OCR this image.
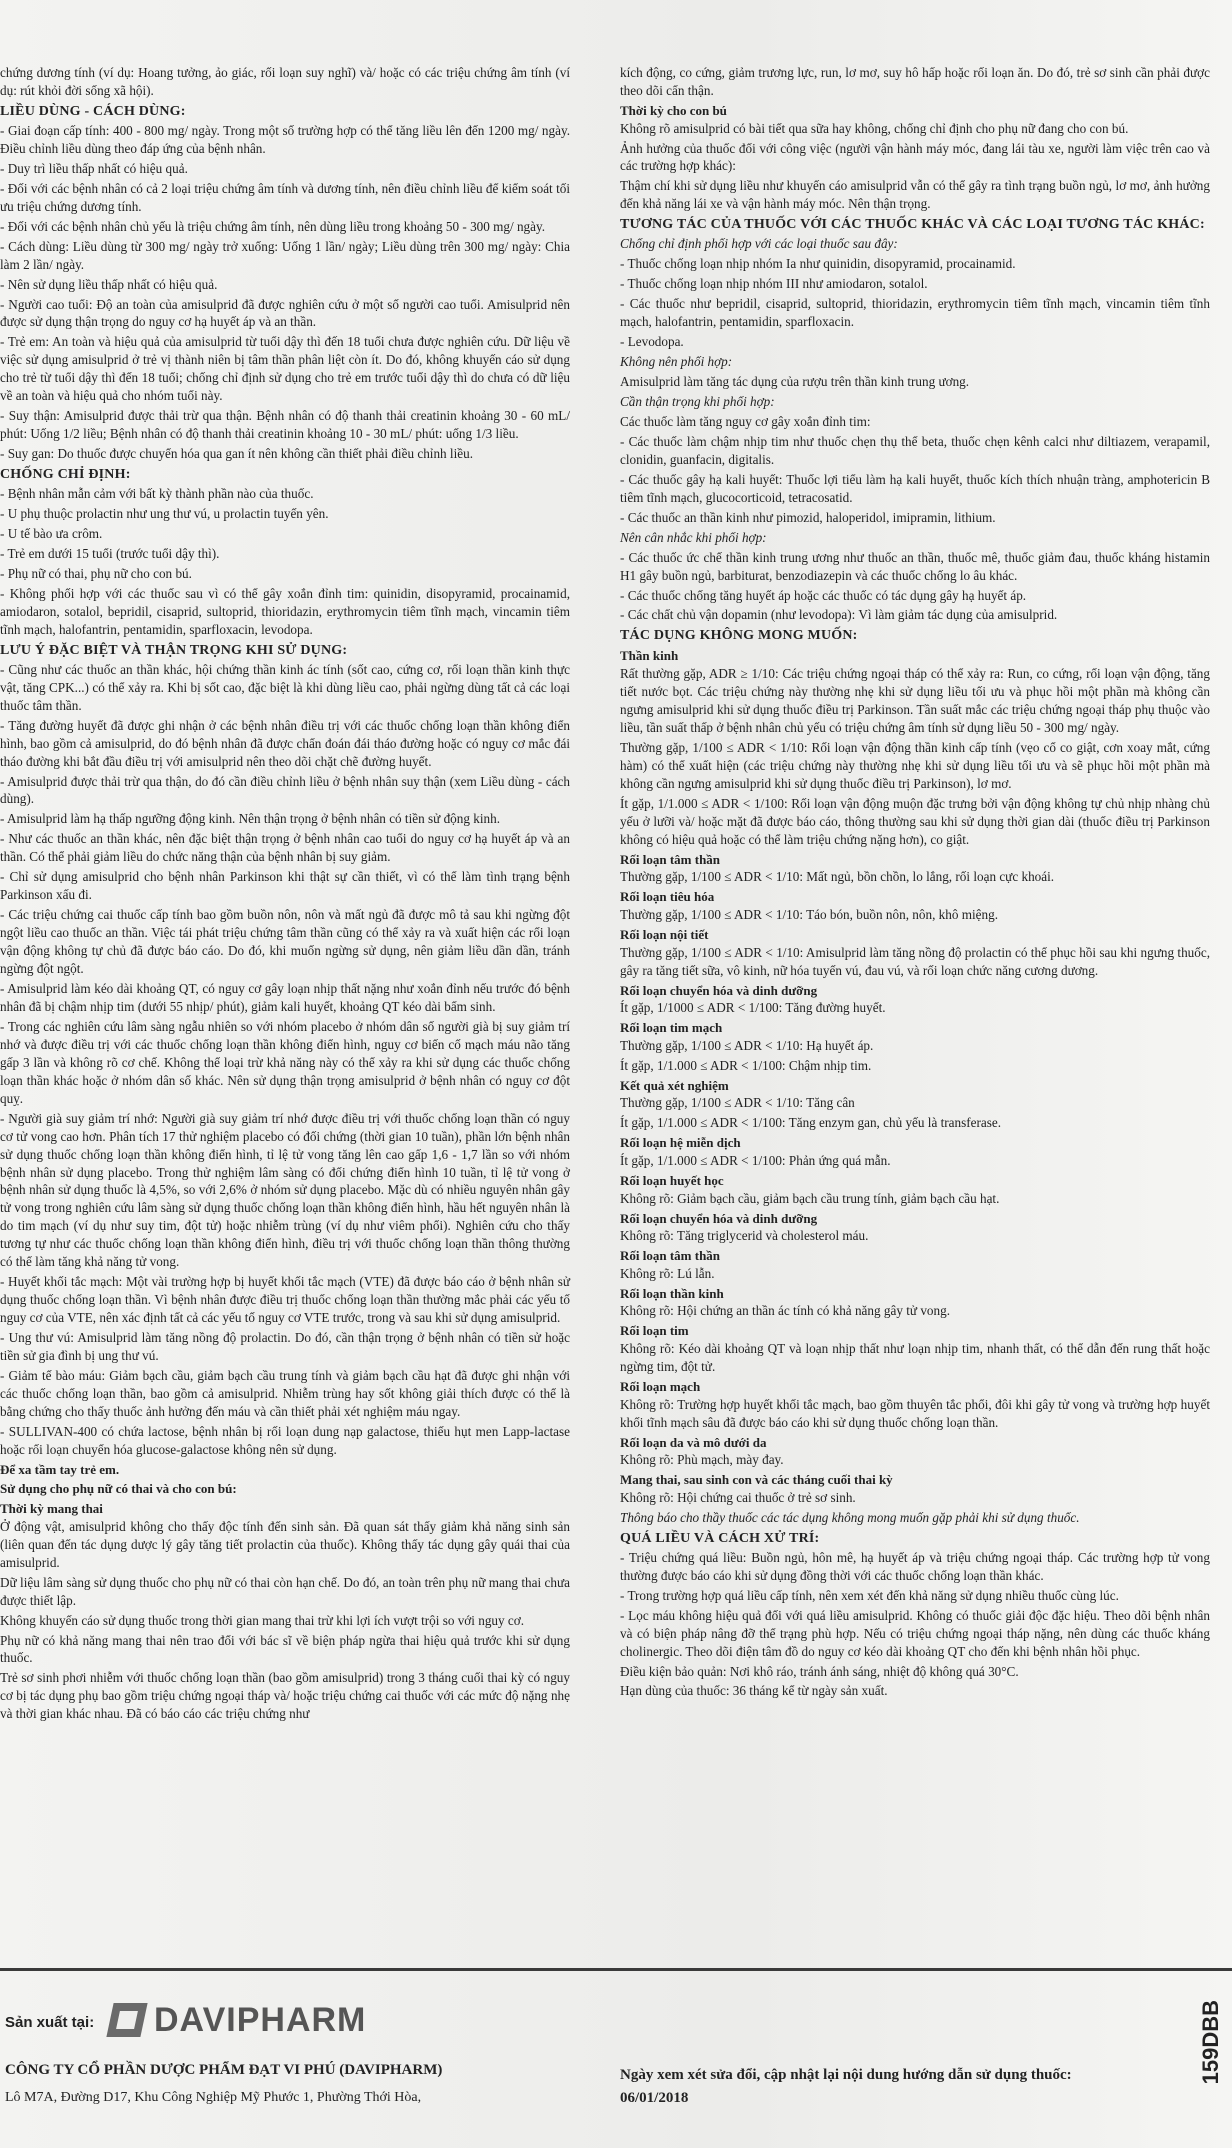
chứng dương tính (ví dụ: Hoang tưởng, ảo giác, rối loạn suy nghĩ) và/ hoặc có các triệu chứng âm tính (ví dụ: rút khỏi đời sống xã hội).

LIỀU DÙNG - CÁCH DÙNG:

- Giai đoạn cấp tính: 400 - 800 mg/ ngày. Trong một số trường hợp có thể tăng liều lên đến 1200 mg/ ngày. Điều chỉnh liều dùng theo đáp ứng của bệnh nhân.

- Duy trì liều thấp nhất có hiệu quả.

- Đối với các bệnh nhân có cả 2 loại triệu chứng âm tính và dương tính, nên điều chỉnh liều để kiểm soát tối ưu triệu chứng dương tính.

- Đối với các bệnh nhân chủ yếu là triệu chứng âm tính, nên dùng liều trong khoảng 50 - 300 mg/ ngày.

- Cách dùng: Liều dùng từ 300 mg/ ngày trở xuống: Uống 1 lần/ ngày; Liều dùng trên 300 mg/ ngày: Chia làm 2 lần/ ngày.

- Nên sử dụng liều thấp nhất có hiệu quả.

- Người cao tuổi: Độ an toàn của amisulprid đã được nghiên cứu ở một số người cao tuổi. Amisulprid nên được sử dụng thận trọng do nguy cơ hạ huyết áp và an thần.

- Trẻ em: An toàn và hiệu quả của amisulprid từ tuổi dậy thì đến 18 tuổi chưa được nghiên cứu. Dữ liệu về việc sử dụng amisulprid ở trẻ vị thành niên bị tâm thần phân liệt còn ít. Do đó, không khuyến cáo sử dụng cho trẻ từ tuổi dậy thì đến 18 tuổi; chống chỉ định sử dụng cho trẻ em trước tuổi dậy thì do chưa có dữ liệu về an toàn và hiệu quả cho nhóm tuổi này.

- Suy thận: Amisulprid được thải trừ qua thận. Bệnh nhân có độ thanh thải creatinin khoảng 30 - 60 mL/ phút: Uống 1/2 liều; Bệnh nhân có độ thanh thải creatinin khoảng 10 - 30 mL/ phút: uống 1/3 liều.

- Suy gan: Do thuốc được chuyển hóa qua gan ít nên không cần thiết phải điều chỉnh liều.

CHỐNG CHỈ ĐỊNH:

- Bệnh nhân mẫn cảm với bất kỳ thành phần nào của thuốc.

- U phụ thuộc prolactin như ung thư vú, u prolactin tuyến yên.

- U tế bào ưa crôm.

- Trẻ em dưới 15 tuổi (trước tuổi dậy thì).

- Phụ nữ có thai, phụ nữ cho con bú.

- Không phối hợp với các thuốc sau vì có thể gây xoắn đỉnh tim: quinidin, disopyramid, procainamid, amiodaron, sotalol, bepridil, cisaprid, sultoprid, thioridazin, erythromycin tiêm tĩnh mạch, vincamin tiêm tĩnh mạch, halofantrin, pentamidin, sparfloxacin, levodopa.

LƯU Ý ĐẶC BIỆT VÀ THẬN TRỌNG KHI SỬ DỤNG:

- Cũng như các thuốc an thần khác, hội chứng thần kinh ác tính (sốt cao, cứng cơ, rối loạn thần kinh thực vật, tăng CPK...) có thể xảy ra. Khi bị sốt cao, đặc biệt là khi dùng liều cao, phải ngừng dùng tất cả các loại thuốc tâm thần.

- Tăng đường huyết đã được ghi nhận ở các bệnh nhân điều trị với các thuốc chống loạn thần không điển hình, bao gồm cả amisulprid, do đó bệnh nhân đã được chẩn đoán đái tháo đường hoặc có nguy cơ mắc đái tháo đường khi bắt đầu điều trị với amisulprid nên theo dõi chặt chẽ đường huyết.

- Amisulprid được thải trừ qua thận, do đó cần điều chỉnh liều ở bệnh nhân suy thận (xem Liều dùng - cách dùng).

- Amisulprid làm hạ thấp ngưỡng động kinh. Nên thận trọng ở bệnh nhân có tiền sử động kinh.

- Như các thuốc an thần khác, nên đặc biệt thận trọng ở bệnh nhân cao tuổi do nguy cơ hạ huyết áp và an thần. Có thể phải giảm liều do chức năng thận của bệnh nhân bị suy giảm.

- Chỉ sử dụng amisulprid cho bệnh nhân Parkinson khi thật sự cần thiết, vì có thể làm tình trạng bệnh Parkinson xấu đi.

- Các triệu chứng cai thuốc cấp tính bao gồm buồn nôn, nôn và mất ngủ đã được mô tả sau khi ngừng đột ngột liều cao thuốc an thần. Việc tái phát triệu chứng tâm thần cũng có thể xảy ra và xuất hiện các rối loạn vận động không tự chủ đã được báo cáo. Do đó, khi muốn ngừng sử dụng, nên giảm liều dần dần, tránh ngừng đột ngột.

- Amisulprid làm kéo dài khoảng QT, có nguy cơ gây loạn nhịp thất nặng như xoắn đỉnh nếu trước đó bệnh nhân đã bị chậm nhịp tim (dưới 55 nhịp/ phút), giảm kali huyết, khoảng QT kéo dài bẩm sinh.

- Trong các nghiên cứu lâm sàng ngẫu nhiên so với nhóm placebo ở nhóm dân số người già bị suy giảm trí nhớ và được điều trị với các thuốc chống loạn thần không điển hình, nguy cơ biến cố mạch máu não tăng gấp 3 lần và không rõ cơ chế. Không thể loại trừ khả năng này có thể xảy ra khi sử dụng các thuốc chống loạn thần khác hoặc ở nhóm dân số khác. Nên sử dụng thận trọng amisulprid ở bệnh nhân có nguy cơ đột quỵ.

- Người già suy giảm trí nhớ: Người già suy giảm trí nhớ được điều trị với thuốc chống loạn thần có nguy cơ tử vong cao hơn. Phân tích 17 thử nghiệm placebo có đối chứng (thời gian 10 tuần), phần lớn bệnh nhân sử dụng thuốc chống loạn thần không điển hình, tỉ lệ tử vong tăng lên cao gấp 1,6 - 1,7 lần so với nhóm bệnh nhân sử dụng placebo. Trong thử nghiệm lâm sàng có đối chứng điển hình 10 tuần, tỉ lệ tử vong ở bệnh nhân sử dụng thuốc là 4,5%, so với 2,6% ở nhóm sử dụng placebo. Mặc dù có nhiều nguyên nhân gây tử vong trong nghiên cứu lâm sàng sử dụng thuốc chống loạn thần không điển hình, hầu hết nguyên nhân là do tim mạch (ví dụ như suy tim, đột tử) hoặc nhiễm trùng (ví dụ như viêm phổi). Nghiên cứu cho thấy tương tự như các thuốc chống loạn thần không điển hình, điều trị với thuốc chống loạn thần thông thường có thể làm tăng khả năng tử vong.

- Huyết khối tắc mạch: Một vài trường hợp bị huyết khối tắc mạch (VTE) đã được báo cáo ở bệnh nhân sử dụng thuốc chống loạn thần. Vì bệnh nhân được điều trị thuốc chống loạn thần thường mắc phải các yếu tố nguy cơ của VTE, nên xác định tất cả các yếu tố nguy cơ VTE trước, trong và sau khi sử dụng amisulprid.

- Ung thư vú: Amisulprid làm tăng nồng độ prolactin. Do đó, cần thận trọng ở bệnh nhân có tiền sử hoặc tiền sử gia đình bị ung thư vú.

- Giảm tế bào máu: Giảm bạch cầu, giảm bạch cầu trung tính và giảm bạch cầu hạt đã được ghi nhận với các thuốc chống loạn thần, bao gồm cả amisulprid. Nhiễm trùng hay sốt không giải thích được có thể là bằng chứng cho thấy thuốc ảnh hưởng đến máu và cần thiết phải xét nghiệm máu ngay.

- SULLIVAN-400 có chứa lactose, bệnh nhân bị rối loạn dung nạp galactose, thiếu hụt men Lapp-lactase hoặc rối loạn chuyển hóa glucose-galactose không nên sử dụng.

Để xa tầm tay trẻ em.
Sử dụng cho phụ nữ có thai và cho con bú:
Thời kỳ mang thai

Ở động vật, amisulprid không cho thấy độc tính đến sinh sản. Đã quan sát thấy giảm khả năng sinh sản (liên quan đến tác dụng dược lý gây tăng tiết prolactin của thuốc). Không thấy tác dụng gây quái thai của amisulprid.

Dữ liệu lâm sàng sử dụng thuốc cho phụ nữ có thai còn hạn chế. Do đó, an toàn trên phụ nữ mang thai chưa được thiết lập.

Không khuyến cáo sử dụng thuốc trong thời gian mang thai trừ khi lợi ích vượt trội so với nguy cơ.

Phụ nữ có khả năng mang thai nên trao đổi với bác sĩ về biện pháp ngừa thai hiệu quả trước khi sử dụng thuốc.

Trẻ sơ sinh phơi nhiễm với thuốc chống loạn thần (bao gồm amisulprid) trong 3 tháng cuối thai kỳ có nguy cơ bị tác dụng phụ bao gồm triệu chứng ngoại tháp và/ hoặc triệu chứng cai thuốc với các mức độ nặng nhẹ và thời gian khác nhau. Đã có báo cáo các triệu chứng như

kích động, co cứng, giảm trương lực, run, lơ mơ, suy hô hấp hoặc rối loạn ăn. Do đó, trẻ sơ sinh cần phải được theo dõi cẩn thận.

Thời kỳ cho con bú

Không rõ amisulprid có bài tiết qua sữa hay không, chống chỉ định cho phụ nữ đang cho con bú.

Ảnh hưởng của thuốc đối với công việc (người vận hành máy móc, đang lái tàu xe, người làm việc trên cao và các trường hợp khác):

Thậm chí khi sử dụng liều như khuyến cáo amisulprid vẫn có thể gây ra tình trạng buồn ngủ, lơ mơ, ảnh hưởng đến khả năng lái xe và vận hành máy móc. Nên thận trọng.

TƯƠNG TÁC CỦA THUỐC VỚI CÁC THUỐC KHÁC VÀ CÁC LOẠI TƯƠNG TÁC KHÁC:

Chống chỉ định phối hợp với các loại thuốc sau đây:

- Thuốc chống loạn nhịp nhóm Ia như quinidin, disopyramid, procainamid.

- Thuốc chống loạn nhịp nhóm III như amiodaron, sotalol.

- Các thuốc như bepridil, cisaprid, sultoprid, thioridazin, erythromycin tiêm tĩnh mạch, vincamin tiêm tĩnh mạch, halofantrin, pentamidin, sparfloxacin.

- Levodopa.

Không nên phối hợp:

Amisulprid làm tăng tác dụng của rượu trên thần kinh trung ương.

Cần thận trọng khi phối hợp:

Các thuốc làm tăng nguy cơ gây xoắn đỉnh tim:

- Các thuốc làm chậm nhịp tim như thuốc chẹn thụ thể beta, thuốc chẹn kênh calci như diltiazem, verapamil, clonidin, guanfacin, digitalis.

- Các thuốc gây hạ kali huyết: Thuốc lợi tiểu làm hạ kali huyết, thuốc kích thích nhuận tràng, amphotericin B tiêm tĩnh mạch, glucocorticoid, tetracosatid.

- Các thuốc an thần kinh như pimozid, haloperidol, imipramin, lithium.

Nên cân nhắc khi phối hợp:

- Các thuốc ức chế thần kinh trung ương như thuốc an thần, thuốc mê, thuốc giảm đau, thuốc kháng histamin H1 gây buồn ngủ, barbiturat, benzodiazepin và các thuốc chống lo âu khác.

- Các thuốc chống tăng huyết áp hoặc các thuốc có tác dụng gây hạ huyết áp.

- Các chất chủ vận dopamin (như levodopa): Vì làm giảm tác dụng của amisulprid.

TÁC DỤNG KHÔNG MONG MUỐN:
Thần kinh

Rất thường gặp, ADR ≥ 1/10: Các triệu chứng ngoại tháp có thể xảy ra: Run, co cứng, rối loạn vận động, tăng tiết nước bọt. Các triệu chứng này thường nhẹ khi sử dụng liều tối ưu và phục hồi một phần mà không cần ngưng amisulprid khi sử dụng thuốc điều trị Parkinson. Tần suất mắc các triệu chứng ngoại tháp phụ thuộc vào liều, tần suất thấp ở bệnh nhân chủ yếu có triệu chứng âm tính sử dụng liều 50 - 300 mg/ ngày.

Thường gặp, 1/100 ≤ ADR < 1/10: Rối loạn vận động thần kinh cấp tính (vẹo cổ co giật, cơn xoay mắt, cứng hàm) có thể xuất hiện (các triệu chứng này thường nhẹ khi sử dụng liều tối ưu và sẽ phục hồi một phần mà không cần ngưng amisulprid khi sử dụng thuốc điều trị Parkinson), lơ mơ.

Ít gặp, 1/1.000 ≤ ADR < 1/100: Rối loạn vận động muộn đặc trưng bởi vận động không tự chủ nhịp nhàng chủ yếu ở lưỡi và/ hoặc mặt đã được báo cáo, thông thường sau khi sử dụng thời gian dài (thuốc điều trị Parkinson không có hiệu quả hoặc có thể làm triệu chứng nặng hơn), co giật.

Rối loạn tâm thần

Thường gặp, 1/100 ≤ ADR < 1/10: Mất ngủ, bồn chồn, lo lắng, rối loạn cực khoái.

Rối loạn tiêu hóa

Thường gặp, 1/100 ≤ ADR < 1/10: Táo bón, buồn nôn, nôn, khô miệng.

Rối loạn nội tiết

Thường gặp, 1/100 ≤ ADR < 1/10: Amisulprid làm tăng nồng độ prolactin có thể phục hồi sau khi ngưng thuốc, gây ra tăng tiết sữa, vô kinh, nữ hóa tuyến vú, đau vú, và rối loạn chức năng cương dương.

Rối loạn chuyển hóa và dinh dưỡng

Ít gặp, 1/1000 ≤ ADR < 1/100: Tăng đường huyết.

Rối loạn tim mạch

Thường gặp, 1/100 ≤ ADR < 1/10: Hạ huyết áp.

Ít gặp, 1/1.000 ≤ ADR < 1/100: Chậm nhịp tim.

Kết quả xét nghiệm

Thường gặp, 1/100 ≤ ADR < 1/10: Tăng cân

Ít gặp, 1/1.000 ≤ ADR < 1/100: Tăng enzym gan, chủ yếu là transferase.

Rối loạn hệ miễn dịch

Ít gặp, 1/1.000 ≤ ADR < 1/100: Phản ứng quá mẫn.

Rối loạn huyết học

Không rõ: Giảm bạch cầu, giảm bạch cầu trung tính, giảm bạch cầu hạt.

Rối loạn chuyển hóa và dinh dưỡng

Không rõ: Tăng triglycerid và cholesterol máu.

Rối loạn tâm thần

Không rõ: Lú lẫn.

Rối loạn thần kinh

Không rõ: Hội chứng an thần ác tính có khả năng gây tử vong.

Rối loạn tim

Không rõ: Kéo dài khoảng QT và loạn nhịp thất như loạn nhịp tim, nhanh thất, có thể dẫn đến rung thất hoặc ngừng tim, đột tử.

Rối loạn mạch

Không rõ: Trường hợp huyết khối tắc mạch, bao gồm thuyên tắc phổi, đôi khi gây tử vong và trường hợp huyết khối tĩnh mạch sâu đã được báo cáo khi sử dụng thuốc chống loạn thần.

Rối loạn da và mô dưới da

Không rõ: Phù mạch, mày đay.

Mang thai, sau sinh con và các tháng cuối thai kỳ

Không rõ: Hội chứng cai thuốc ở trẻ sơ sinh.

Thông báo cho thầy thuốc các tác dụng không mong muốn gặp phải khi sử dụng thuốc.

QUÁ LIỀU VÀ CÁCH XỬ TRÍ:

- Triệu chứng quá liều: Buồn ngủ, hôn mê, hạ huyết áp và triệu chứng ngoại tháp. Các trường hợp tử vong thường được báo cáo khi sử dụng đồng thời với các thuốc chống loạn thần khác.

- Trong trường hợp quá liều cấp tính, nên xem xét đến khả năng sử dụng nhiều thuốc cùng lúc.

- Lọc máu không hiệu quả đối với quá liều amisulprid. Không có thuốc giải độc đặc hiệu. Theo dõi bệnh nhân và có biện pháp nâng đỡ thể trạng phù hợp. Nếu có triệu chứng ngoại tháp nặng, nên dùng các thuốc kháng cholinergic. Theo dõi điện tâm đồ do nguy cơ kéo dài khoảng QT cho đến khi bệnh nhân hồi phục.

Điều kiện bảo quản: Nơi khô ráo, tránh ánh sáng, nhiệt độ không quá 30°C.

Hạn dùng của thuốc: 36 tháng kể từ ngày sản xuất.

Sản xuất tại: DAVIPHARM
CÔNG TY CỔ PHẦN DƯỢC PHẨM ĐẠT VI PHÚ (DAVIPHARM)
Lô M7A, Đường D17, Khu Công Nghiệp Mỹ Phước 1, Phường Thới Hòa,
Ngày xem xét sửa đổi, cập nhật lại nội dung hướng dẫn sử dụng thuốc:
06/01/2018
159DBB
